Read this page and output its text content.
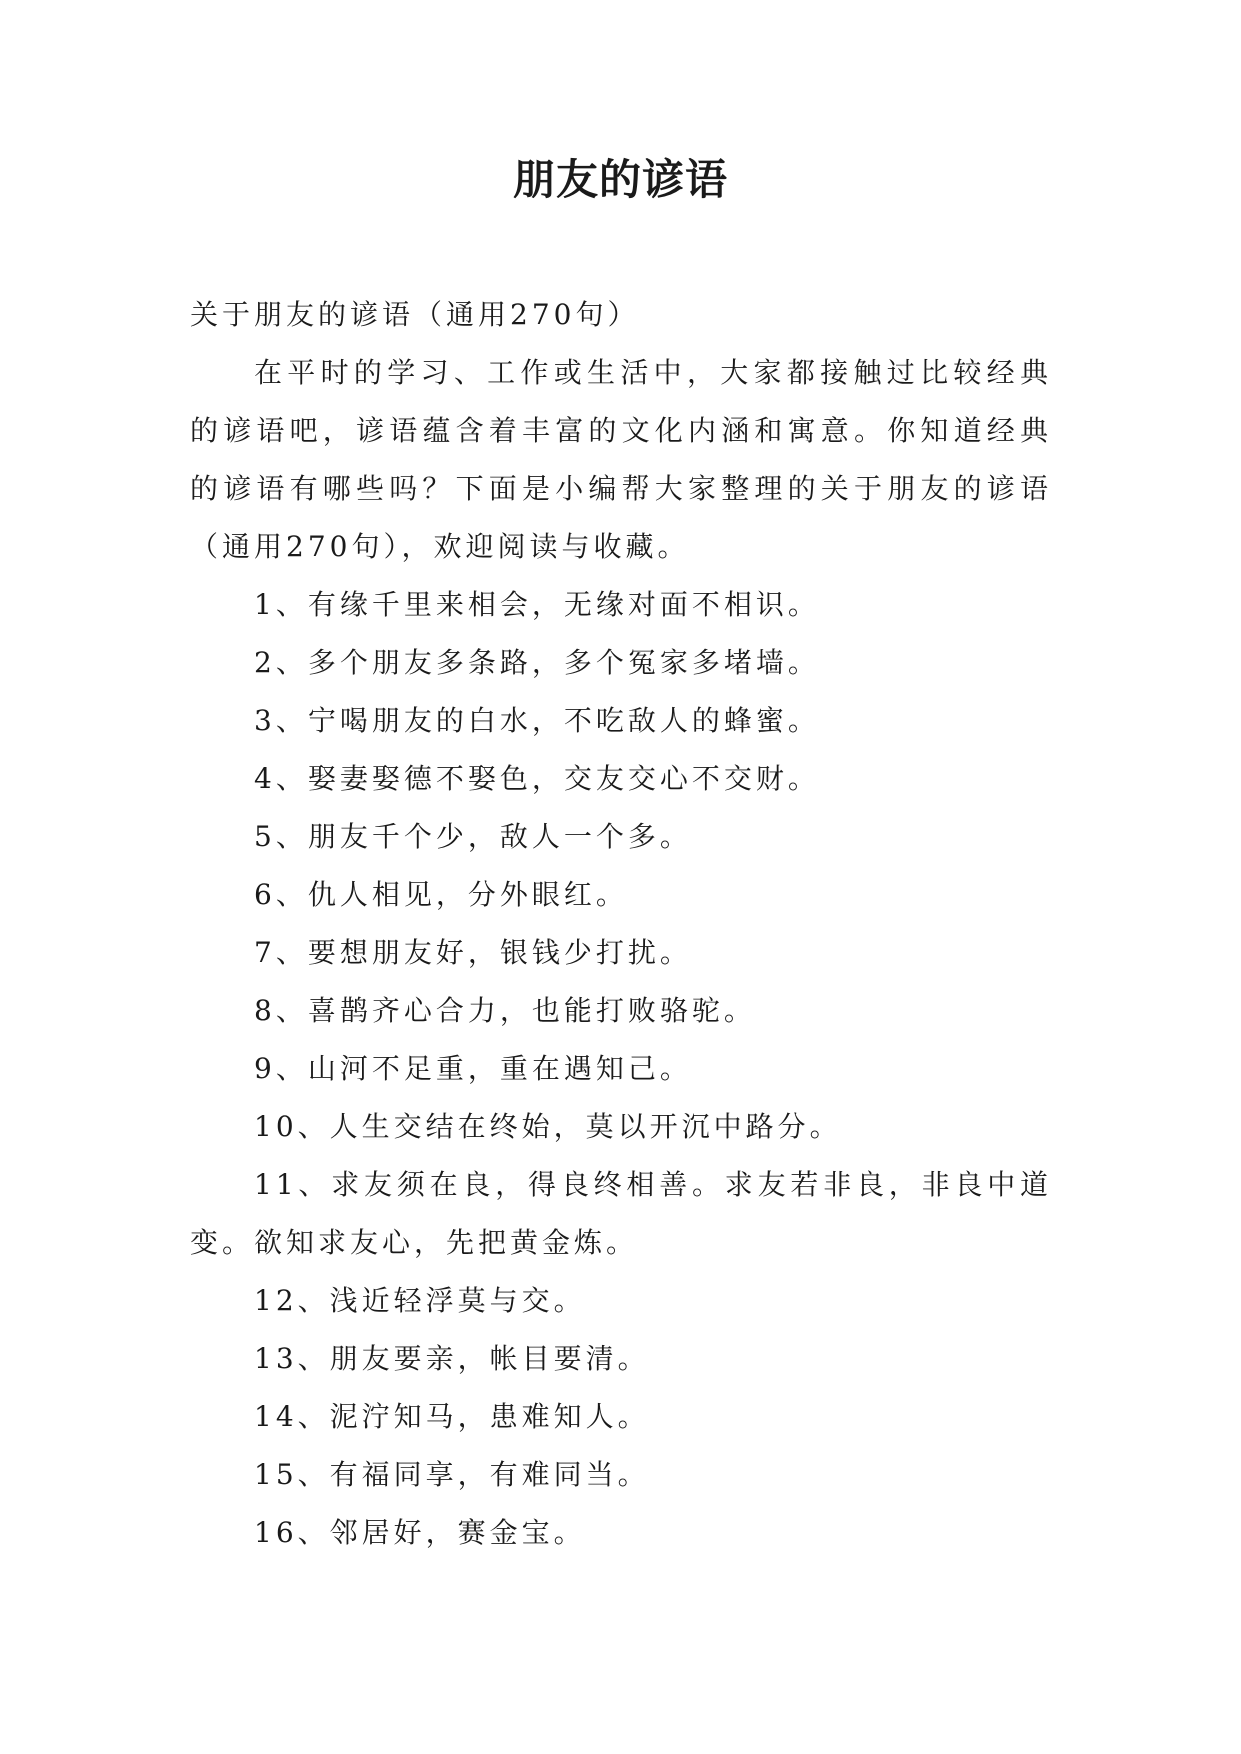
朋友的谚语

关于朋友的谚语（通用270句）

在平时的学习、工作或生活中，大家都接触过比较经典的谚语吧，谚语蕴含着丰富的文化内涵和寓意。你知道经典的谚语有哪些吗？下面是小编帮大家整理的关于朋友的谚语（通用270句），欢迎阅读与收藏。

1、有缘千里来相会，无缘对面不相识。

2、多个朋友多条路，多个冤家多堵墙。

3、宁喝朋友的白水，不吃敌人的蜂蜜。

4、娶妻娶德不娶色，交友交心不交财。

5、朋友千个少，敌人一个多。

6、仇人相见，分外眼红。

7、要想朋友好，银钱少打扰。

8、喜鹊齐心合力，也能打败骆驼。

9、山河不足重，重在遇知己。

10、人生交结在终始，莫以开沉中路分。

11、求友须在良，得良终相善。求友若非良，非良中道变。欲知求友心，先把黄金炼。

12、浅近轻浮莫与交。

13、朋友要亲，帐目要清。

14、泥泞知马，患难知人。

15、有福同享，有难同当。

16、邻居好，赛金宝。
